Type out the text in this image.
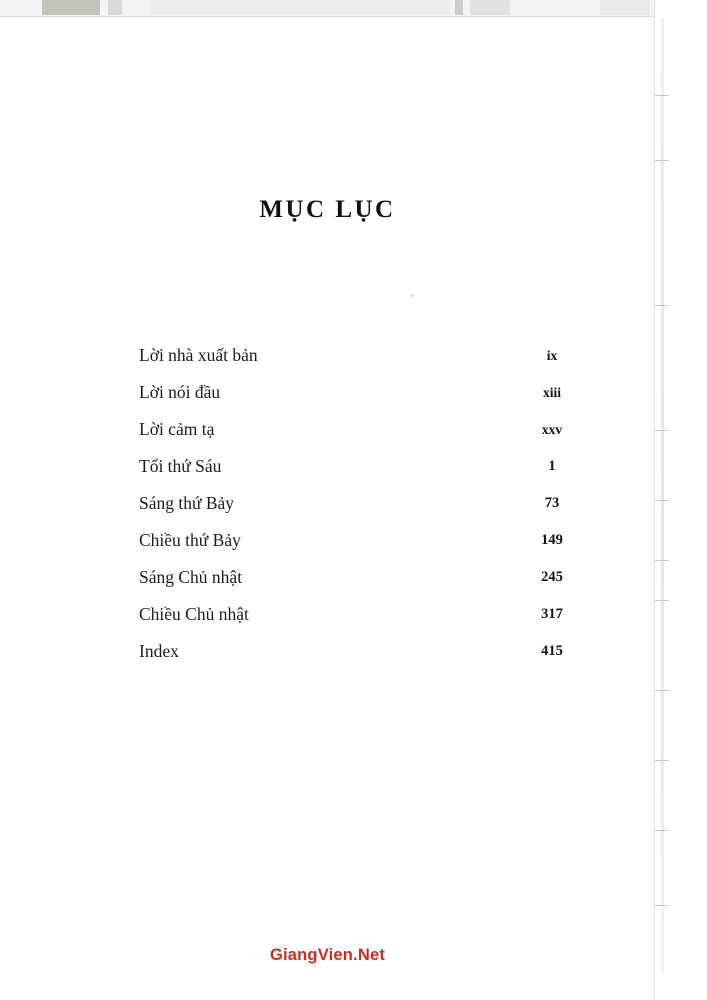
MỤC LỤC
Lời nhà xuất bản	ix
Lời nói đầu	xiii
Lời cảm tạ	xxv
Tối thứ Sáu	1
Sáng thứ Bảy	73
Chiều thứ Bảy	149
Sáng Chủ nhật	245
Chiều Chủ nhật	317
Index	415
GiangVien.Net
